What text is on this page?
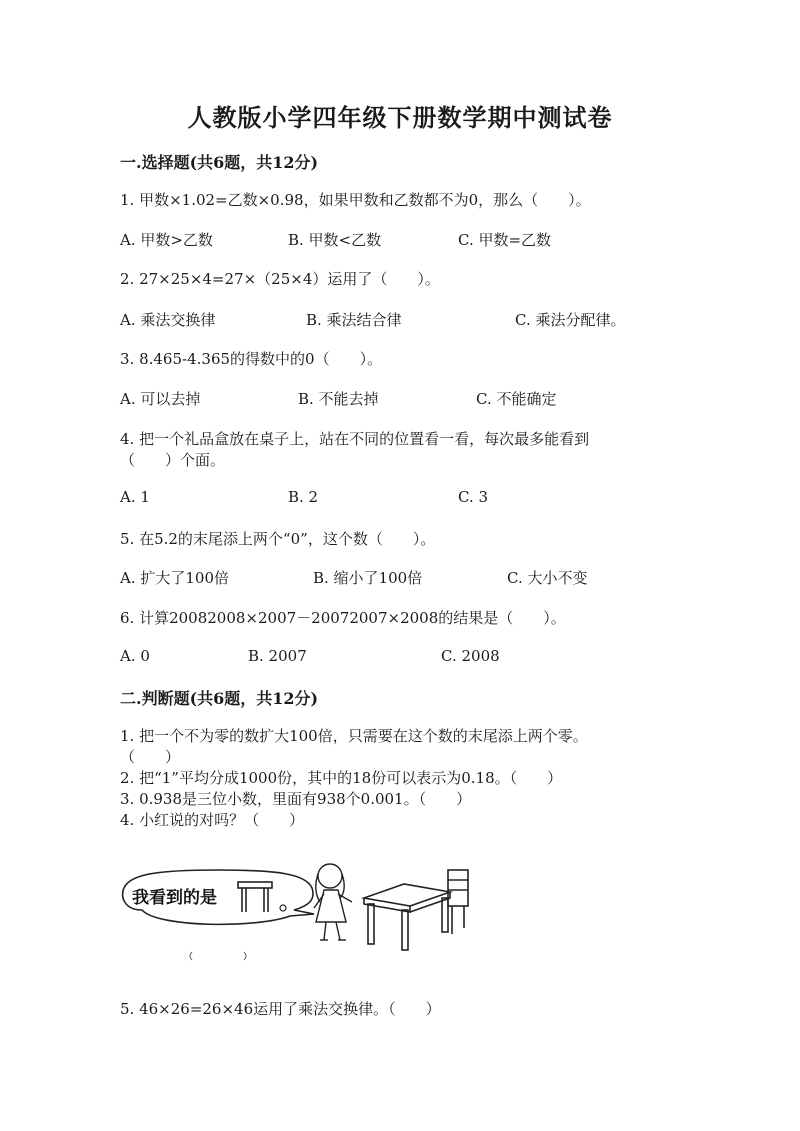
人教版小学四年级下册数学期中测试卷
一.选择题(共6题，共12分)
1. 甲数×1.02=乙数×0.98，如果甲数和乙数都不为0，那么（　　）。
A. 甲数>乙数	B. 甲数<乙数	C. 甲数=乙数
2. 27×25×4=27×（25×4）运用了（　　）。
A. 乘法交换律	B. 乘法结合律	C. 乘法分配律。
3. 8.465-4.365的得数中的0（　　）。
A. 可以去掉	B. 不能去掉	C. 不能确定
4. 把一个礼品盒放在桌子上，站在不同的位置看一看，每次最多能看到
（　　）个面。
A. 1	B. 2	C. 3
5. 在5.2的末尾添上两个“0”，这个数（　　）。
A. 扩大了100倍	B. 缩小了100倍	C. 大小不变
6. 计算20082008×2007－20072007×2008的结果是（　　）。
A. 0	B. 2007	C. 2008
二.判断题(共6题，共12分)
1. 把一个不为零的数扩大100倍，只需要在这个数的末尾添上两个零。
（　　）
2. 把“1”平均分成1000份，其中的18份可以表示为0.18。（　　）
3. 0.938是三位小数，里面有938个0.001。（　　）
4. 小红说的对吗？（　　）
我看到的是
5. 46×26=26×46运用了乘法交换律。（　　）
